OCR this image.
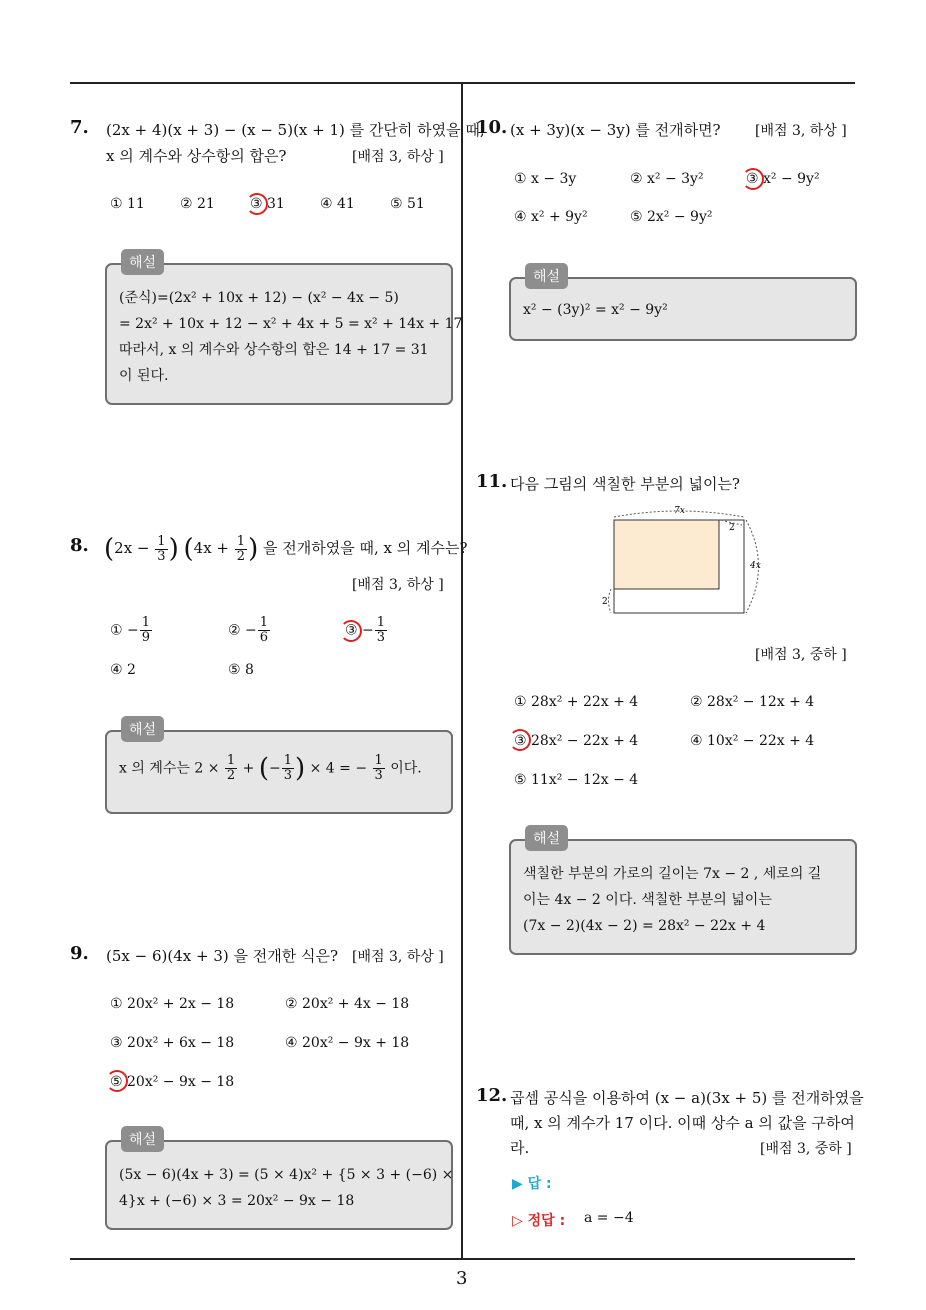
3
7. (2x + 4)(x + 3) − (x − 5)(x + 1) 를 간단히 하였을 때,
x 의 계수와 상수항의 합은?	[배점 3, 하상 ]
① 11	② 21	③ 31	④ 41	⑤ 51
해설
(준식)=(2x² + 10x + 12) − (x² − 4x − 5)
= 2x² + 10x + 12 − x² + 4x + 5 = x² + 14x + 17
따라서, x 의 계수와 상수항의 합은 14 + 17 = 31
이 된다.
8. ($2x - \frac{1}{3}$ ) ($4x + \frac{1}{2}$ ) 을 전개하였을 때, x 의 계수는?
[배점 3, 하상 ]
① − $\frac{1}{9}$	② − $\frac{1}{6}$	③ − $\frac{1}{3}$
④ 2	⑤ 8
해설
x 의 계수는 $2 \times \frac{1}{2}$ + (− $\frac{1}{3}$ ) × 4 = − $\frac{1}{3}$ 이다.
9. (5x − 6)(4x + 3) 을 전개한 식은? [배점 3, 하상 ]
① 20x² + 2x − 18	② 20x² + 4x − 18
③ 20x² + 6x − 18	④ 20x² − 9x + 18
⑤ 20x² − 9x − 18
해설
(5x − 6)(4x + 3) = (5 × 4)x² + {5 × 3 + (−6) ×
4}x + (−6) × 3 = 20x² − 9x − 18
10. (x + 3y)(x − 3y) 를 전개하면? [배점 3, 하상 ]
① x − 3y	② x² − 3y²	③ x² − 9y²
④ x² + 9y²	⑤ 2x² − 9y²
해설
x² − (3y)² = x² − 9y²
11. 다음 그림의 색칠한 부분의 넓이는?
7x
4x
2
2
[배점 3, 중하 ]
① 28x² + 22x + 4	② 28x² − 12x + 4
③ 28x² − 22x + 4	④ 10x² − 22x + 4
⑤ 11x² − 12x − 4
해설
색칠한 부분의 가로의 길이는 7x − 2 , 세로의 길
이는 4x − 2 이다. 색칠한 부분의 넓이는
(7x − 2)(4x − 2) = 28x² − 22x + 4
12. 곱셈 공식을 이용하여 (x − a)(3x + 5) 를 전개하였을
때, x 의 계수가 17 이다. 이때 상수 a 의 값을 구하여
라.	[배점 3, 중하 ]
▶ 답 :
▷ 정답 : a = −4
